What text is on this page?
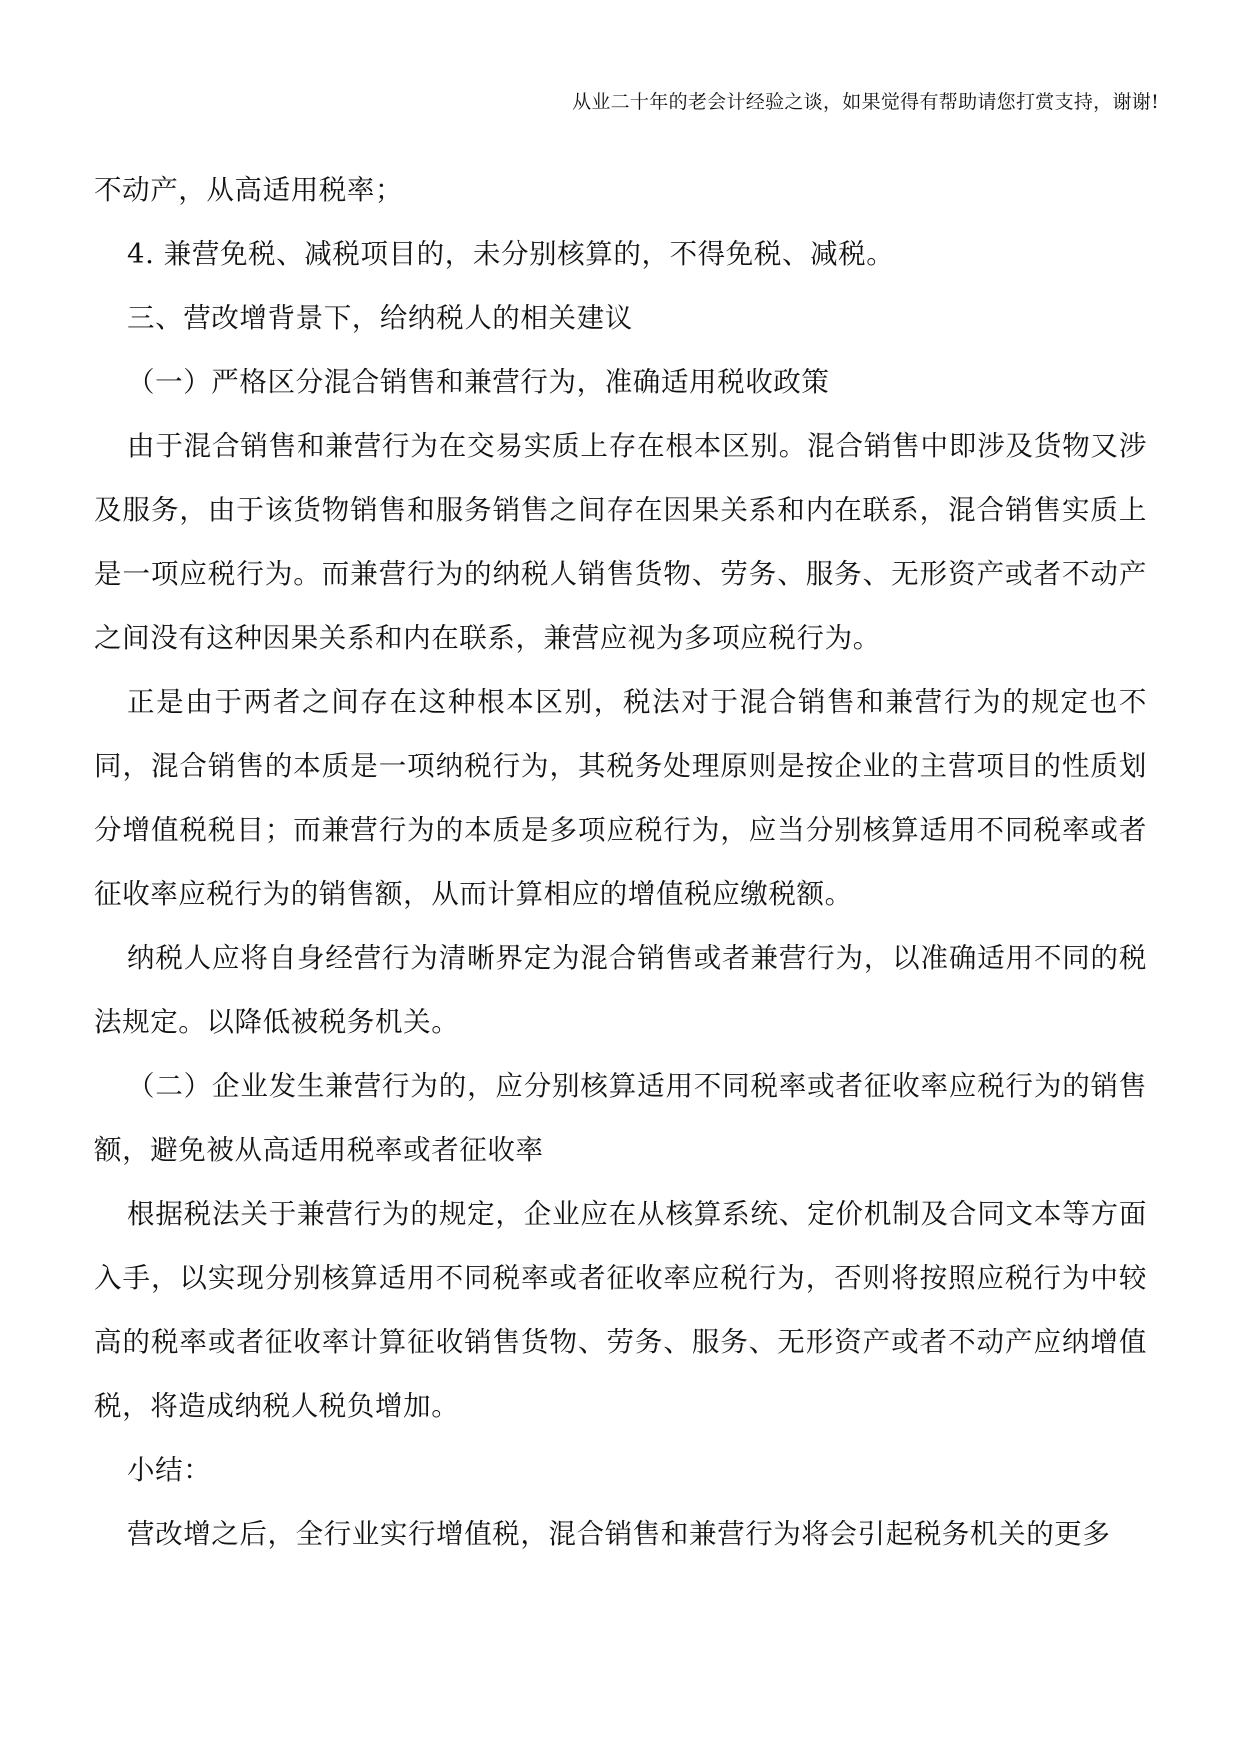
从业二十年的老会计经验之谈，如果觉得有帮助请您打赏支持，谢谢!

不动产，从高适用税率；

4. 兼营免税、减税项目的，未分别核算的，不得免税、减税。

三、营改增背景下，给纳税人的相关建议

（一）严格区分混合销售和兼营行为，准确适用税收政策

由于混合销售和兼营行为在交易实质上存在根本区别。混合销售中即涉及货物又涉及服务，由于该货物销售和服务销售之间存在因果关系和内在联系，混合销售实质上是一项应税行为。而兼营行为的纳税人销售货物、劳务、服务、无形资产或者不动产之间没有这种因果关系和内在联系，兼营应视为多项应税行为。

正是由于两者之间存在这种根本区别，税法对于混合销售和兼营行为的规定也不同，混合销售的本质是一项纳税行为，其税务处理原则是按企业的主营项目的性质划分增值税税目；而兼营行为的本质是多项应税行为，应当分别核算适用不同税率或者征收率应税行为的销售额，从而计算相应的增值税应缴税额。

纳税人应将自身经营行为清晰界定为混合销售或者兼营行为，以准确适用不同的税法规定。以降低被税务机关。

（二）企业发生兼营行为的，应分别核算适用不同税率或者征收率应税行为的销售额，避免被从高适用税率或者征收率

根据税法关于兼营行为的规定，企业应在从核算系统、定价机制及合同文本等方面入手，以实现分别核算适用不同税率或者征收率应税行为，否则将按照应税行为中较高的税率或者征收率计算征收销售货物、劳务、服务、无形资产或者不动产应纳增值税，将造成纳税人税负增加。

小结：

营改增之后，全行业实行增值税，混合销售和兼营行为将会引起税务机关的更多
